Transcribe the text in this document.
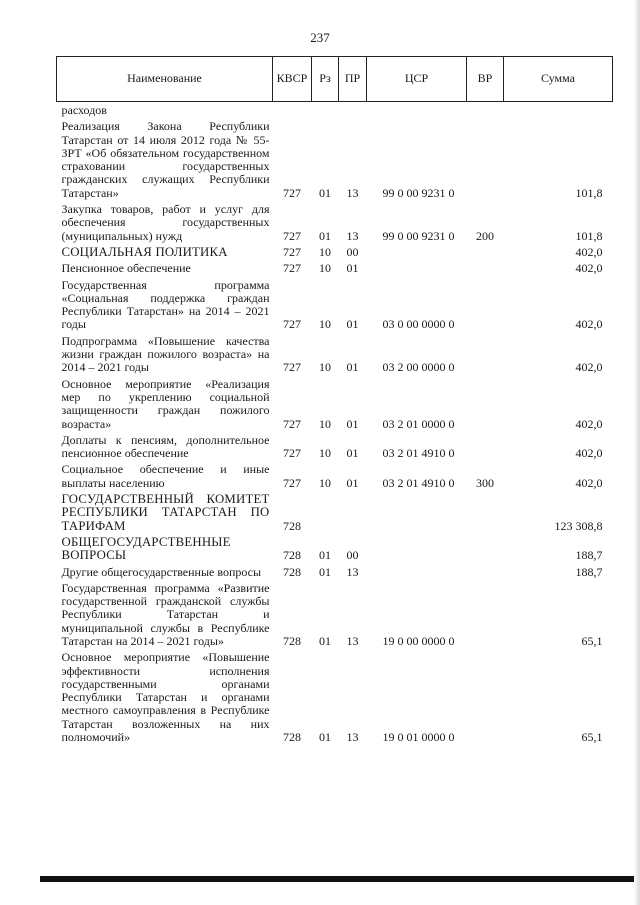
237
Наименование	КВСР	Рз	ПР	ЦСР	ВР	Сумма
расходов						
Реализация Закона Республики Татарстан от 14 июля 2012 года № 55-ЗРТ «Об обязательном государственном страховании государственных гражданских служащих Республики Татарстан»	727	01	13	99 0 00 9231 0		101,8
Закупка товаров, работ и услуг для обеспечения государственных (муниципальных) нужд	727	01	13	99 0 00 9231 0	200	101,8
СОЦИАЛЬНАЯ ПОЛИТИКА	727	10	00			402,0
Пенсионное обеспечение	727	10	01			402,0
Государственная программа «Социальная поддержка граждан Республики Татарстан» на 2014 – 2021 годы	727	10	01	03 0 00 0000 0		402,0
Подпрограмма «Повышение качества жизни граждан пожилого возраста» на 2014 – 2021 годы	727	10	01	03 2 00 0000 0		402,0
Основное мероприятие «Реализация мер по укреплению социальной защищенности граждан пожилого возраста»	727	10	01	03 2 01 0000 0		402,0
Доплаты к пенсиям, дополнительное пенсионное обеспечение	727	10	01	03 2 01 4910 0		402,0
Социальное обеспечение и иные выплаты населению	727	10	01	03 2 01 4910 0	300	402,0
ГОСУДАРСТВЕННЫЙ КОМИТЕТ РЕСПУБЛИКИ ТАТАРСТАН ПО ТАРИФАМ	728					123 308,8
ОБЩЕГОСУДАРСТВЕННЫЕ ВОПРОСЫ	728	01	00			188,7
Другие общегосударственные вопросы	728	01	13			188,7
Государственная программа «Развитие государственной гражданской службы Республики Татарстан и муниципальной службы в Республике Татарстан на 2014 – 2021 годы»	728	01	13	19 0 00 0000 0		65,1
Основное мероприятие «Повышение эффективности исполнения государственными органами Республики Татарстан и органами местного самоуправления в Республике Татарстан возложенных на них полномочий»	728	01	13	19 0 01 0000 0		65,1
